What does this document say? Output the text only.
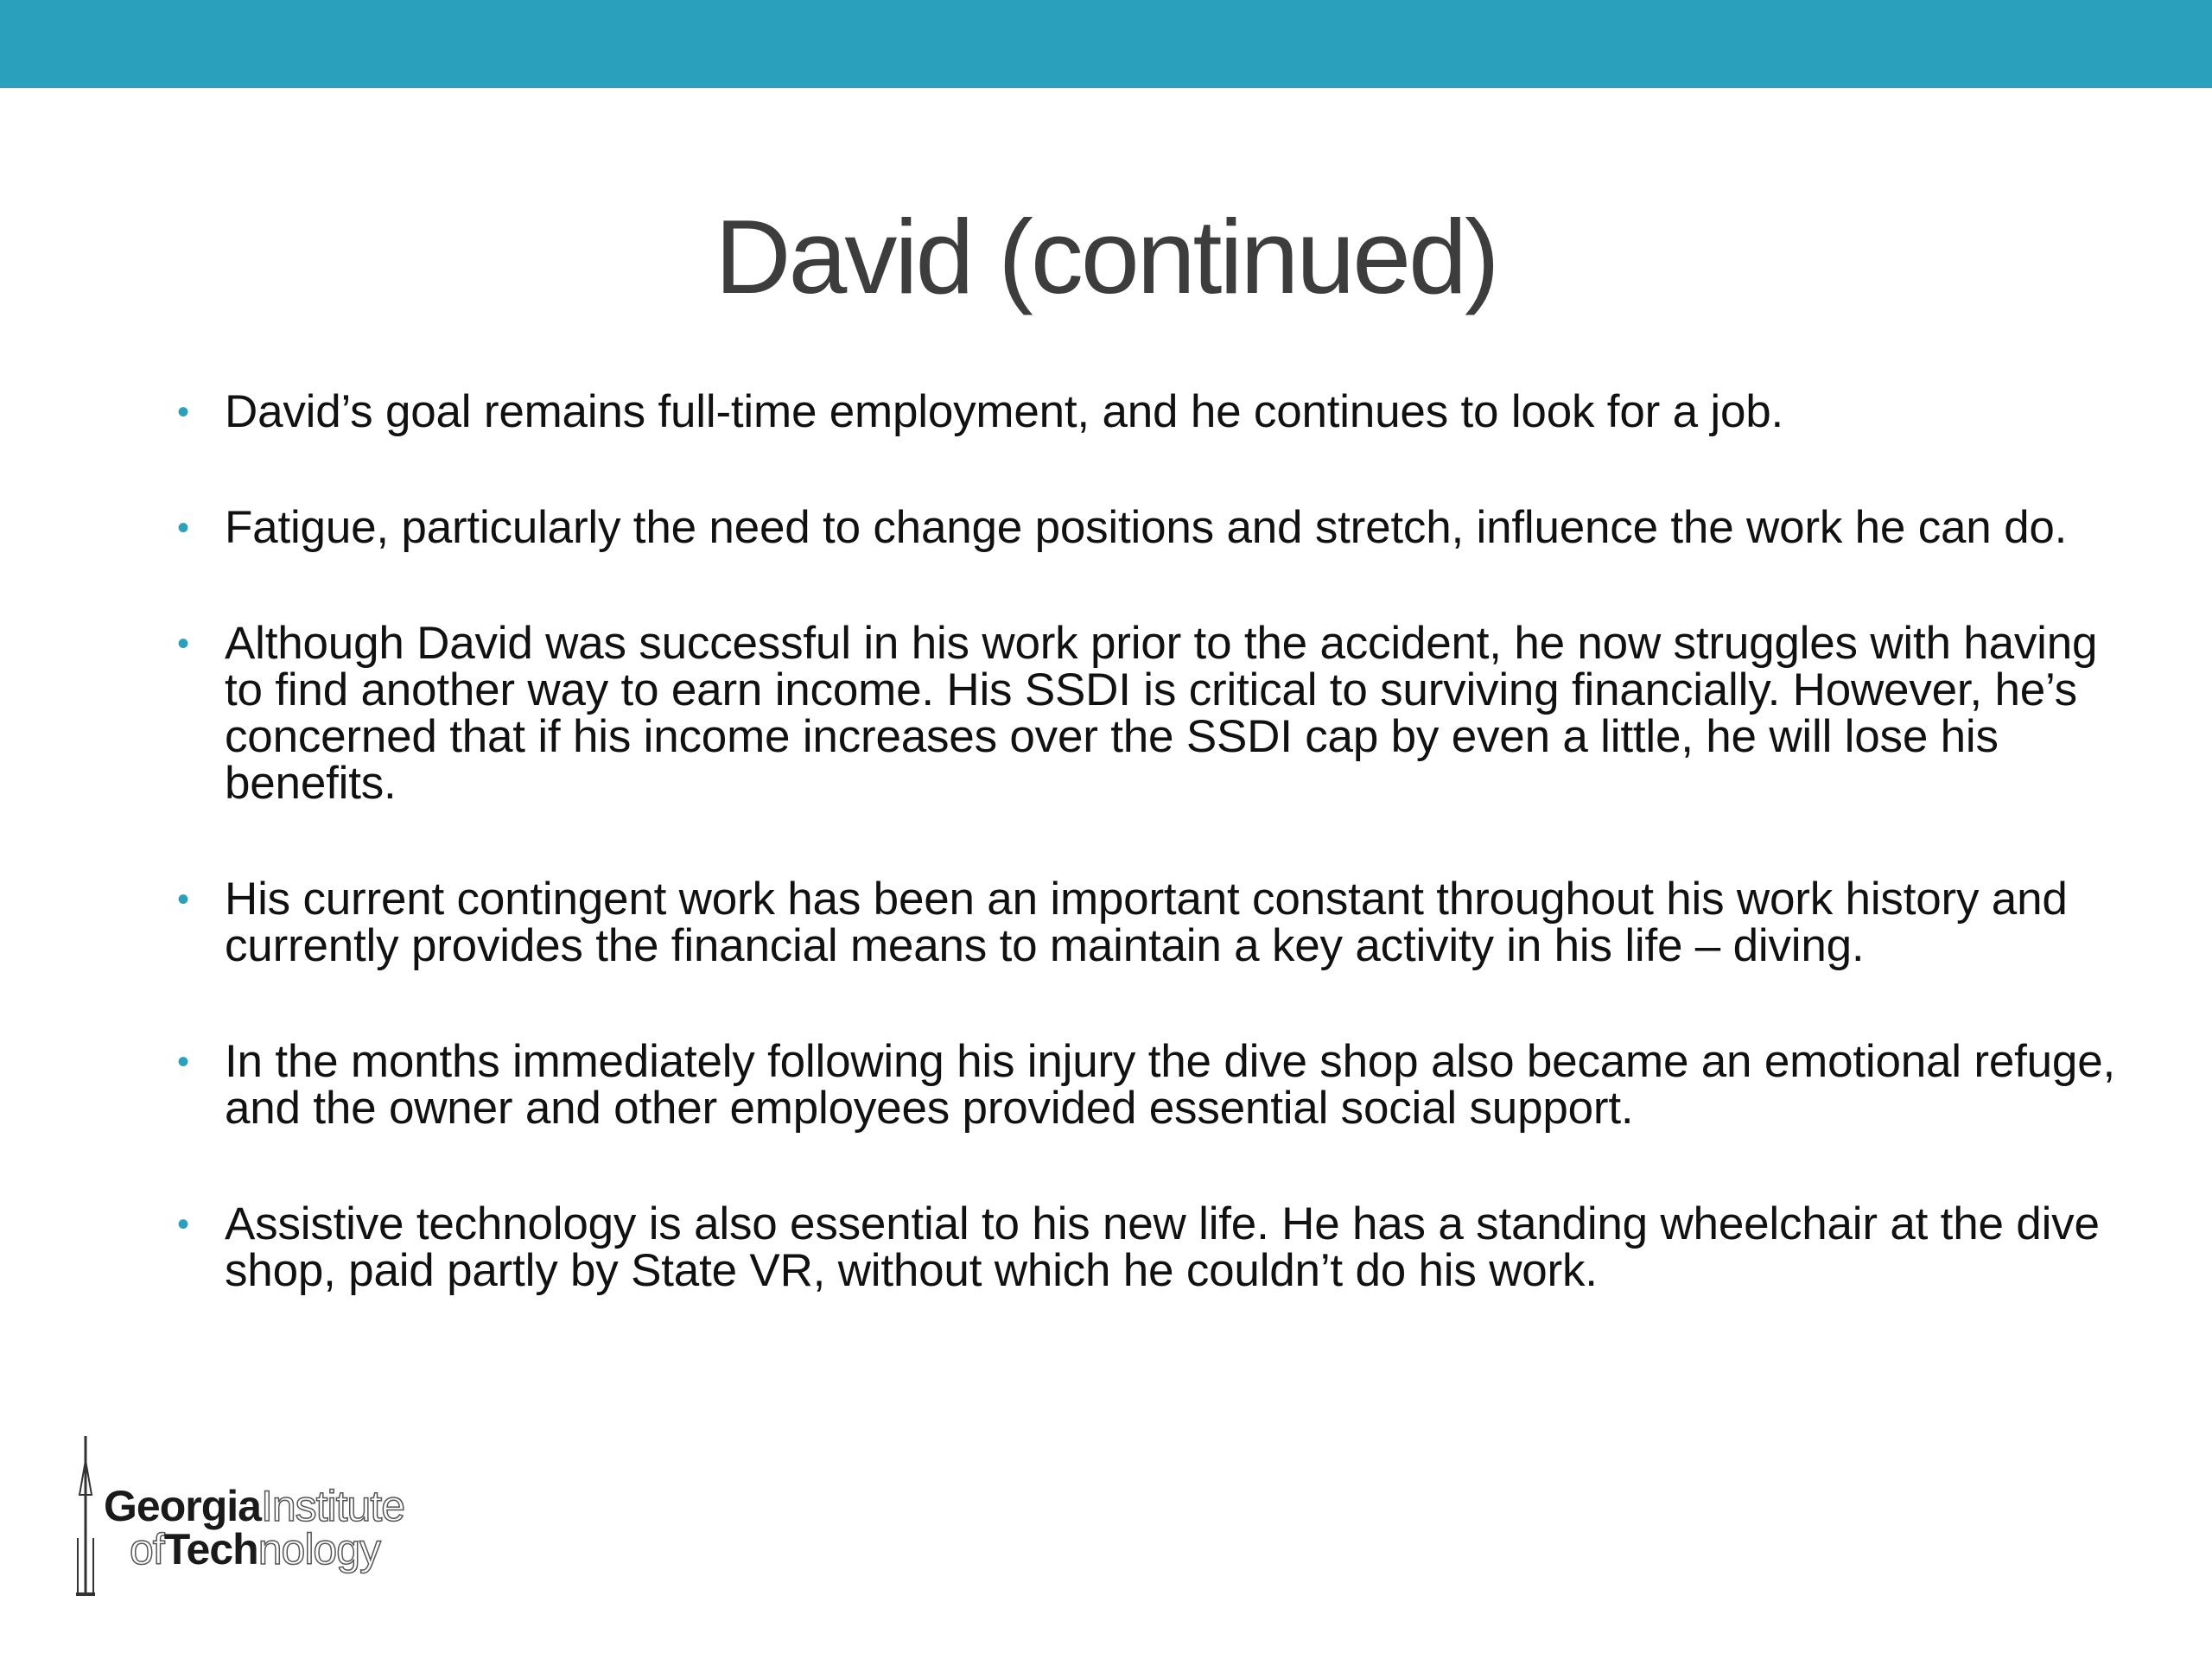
David (continued)
• David’s goal remains full-time employment, and he continues to look for a job.
• Fatigue, particularly the need to change positions and stretch, influence the work he can do.
• Although David was successful in his work prior to the accident, he now struggles with having to find another way to earn income. His SSDI is critical to surviving financially. However, he’s concerned that if his income increases over the SSDI cap by even a little, he will lose his benefits.
• His current contingent work has been an important constant throughout his work history and currently provides the financial means to maintain a key activity in his life – diving.
• In the months immediately following his injury the dive shop also became an emotional refuge, and the owner and other employees provided essential social support.
• Assistive technology is also essential to his new life. He has a standing wheelchair at the dive shop, paid partly by State VR, without which he couldn’t do his work.
GeorgiaInstitute
ofTechnology
